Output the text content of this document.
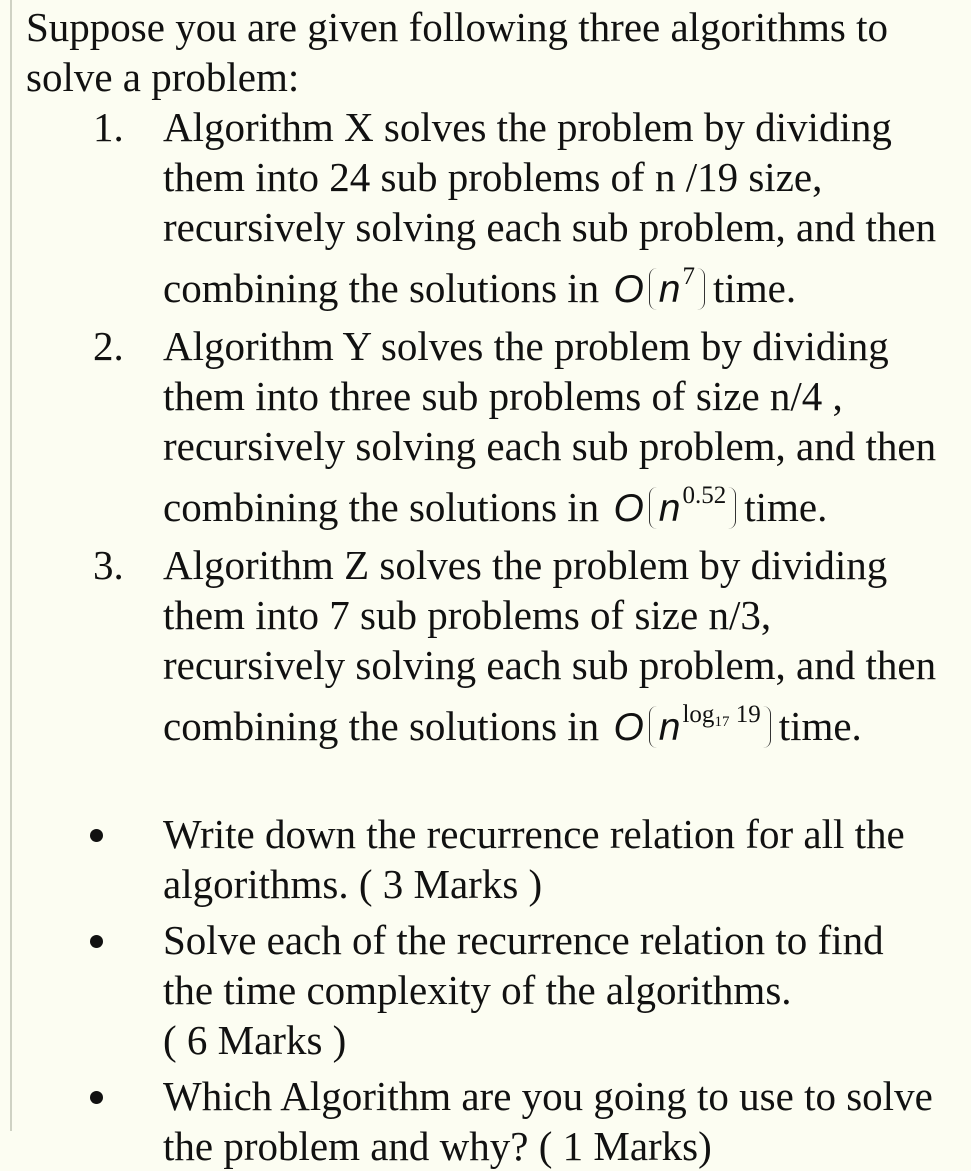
Suppose you are given following three algorithms to
solve a problem:

1. Algorithm X solves the problem by dividing
them into 24 sub problems of n /19 size,
recursively solving each sub problem, and then
combining the solutions in O $n^7$ time.
2. Algorithm Y solves the problem by dividing
them into three sub problems of size n/4 ,
recursively solving each sub problem, and then
combining the solutions in O $n^{0.52}$ time.
3. Algorithm Z solves the problem by dividing
them into 7 sub problems of size n/3,
recursively solving each sub problem, and then
combining the solutions in O $n^{log_{17} 19}$ time.
Write down the recurrence relation for all the
algorithms. ( 3 Marks )
Solve each of the recurrence relation to find
the time complexity of the algorithms.
( 6 Marks )
Which Algorithm are you going to use to solve
the problem and why? ( 1 Marks)
